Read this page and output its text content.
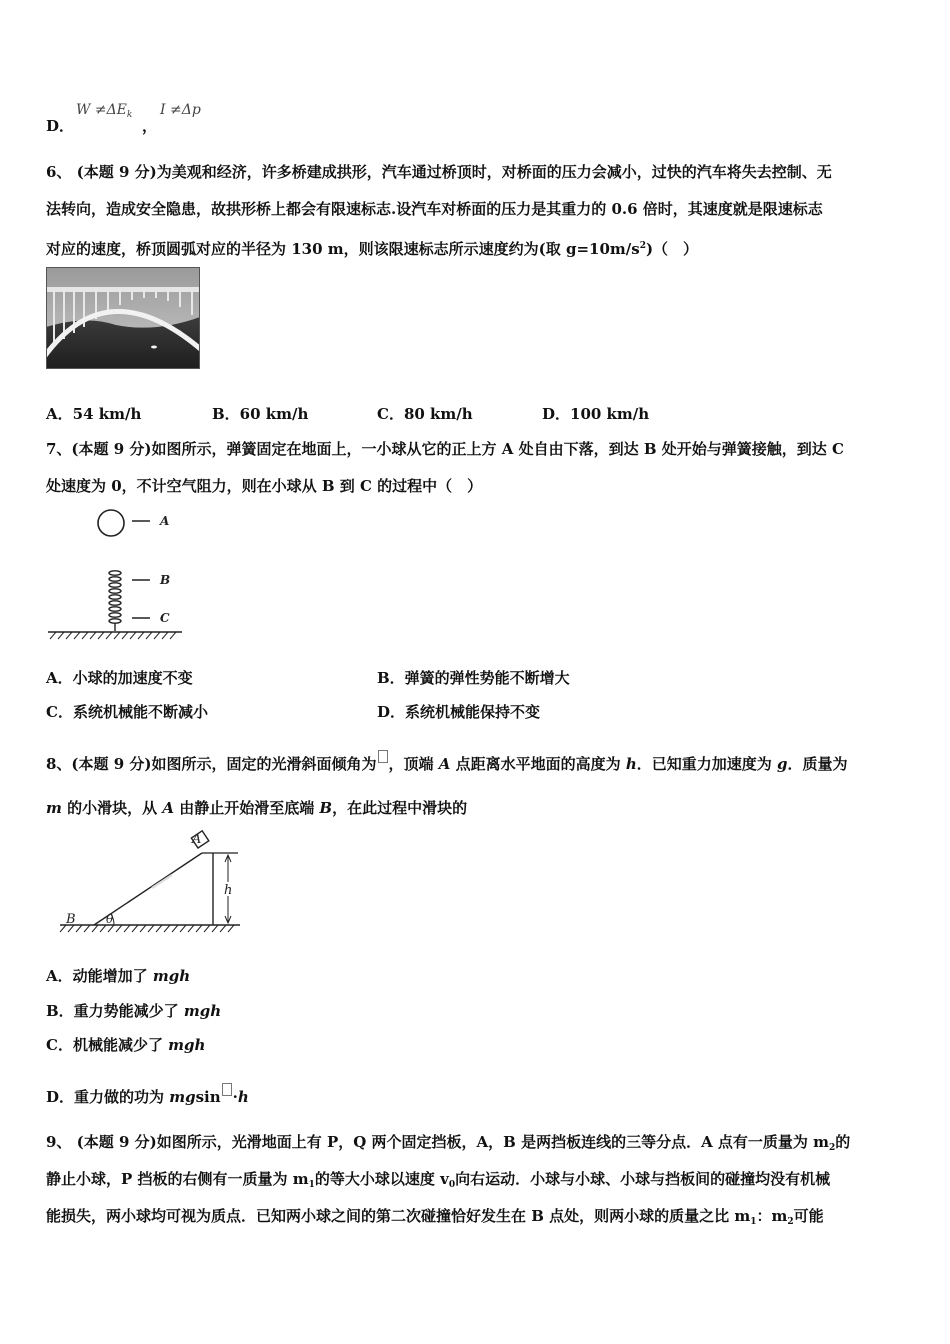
D．
$W \ne\Delta E_k$
，
I ≠Δp
6、 (本题 9 分)为美观和经济，许多桥建成拱形，汽车通过桥顶时，对桥面的压力会减小，过快的汽车将失去控制、无
法转向，造成安全隐患，故拱形桥上都会有限速标志.设汽车对桥面的压力是其重力的 0.6 倍时，其速度就是限速标志
对应的速度，桥顶圆弧对应的半径为 130 m，则该限速标志所示速度约为(取 $g=10m/s^2$)（　）
A．54 km/h	B．60 km/h	C．80 km/h	D．100 km/h
7、(本题 9 分)如图所示，弹簧固定在地面上，一小球从它的正上方 A 处自由下落，到达 B 处开始与弹簧接触，到达 C
处速度为 0，不计空气阻力，则在小球从 B 到 C 的过程中（　）
A
B
C
A．小球的加速度不变	B．弹簧的弹性势能不断增大
C．系统机械能不断减小	D．系统机械能保持不变
8、(本题 9 分)如图所示，固定的光滑斜面倾角为 ，顶端 A 点距离水平地面的高度为 h．已知重力加速度为 g．质量为
m 的小滑块，从 A 由静止开始滑至底端 B，在此过程中滑块的
A
B	θ
h
A．动能增加了 mgh
B．重力势能减少了 mgh
C．机械能减少了 mgh
D．重力做的功为 mgsin ·h
9、 (本题 9 分)如图所示，光滑地面上有 P，Q 两个固定挡板，A，B 是两挡板连线的三等分点．A 点有一质量为 $m_2$的
静止小球，P 挡板的右侧有一质量为 $m_1$的等大小球以速度 $v_0$向右运动．小球与小球、小球与挡板间的碰撞均没有机械
能损失，两小球均可视为质点．已知两小球之间的第二次碰撞恰好发生在 B 点处，则两小球的质量之比 $m_1$：$m_2$可能
